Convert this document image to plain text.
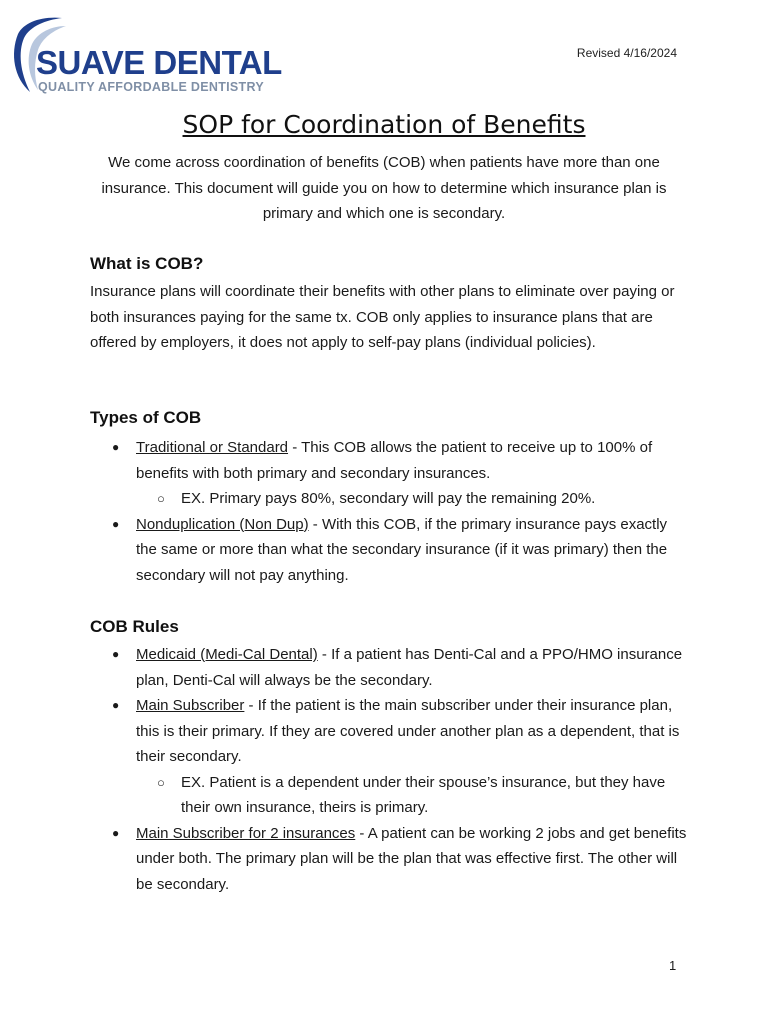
SUAVE DENTAL
QUALITY AFFORDABLE DENTISTRY
Revised 4/16/2024
SOP for Coordination of Benefits
We come across coordination of benefits (COB) when patients have more than one insurance. This document will guide you on how to determine which insurance plan is primary and which one is secondary.
What is COB?
Insurance plans will coordinate their benefits with other plans to eliminate over paying or both insurances paying for the same tx. COB only applies to insurance plans that are offered by employers, it does not apply to self-pay plans (individual policies).
Types of COB
● Traditional or Standard - This COB allows the patient to receive up to 100% of benefits with both primary and secondary insurances.
○ EX. Primary pays 80%, secondary will pay the remaining 20%.
● Nonduplication (Non Dup) - With this COB, if the primary insurance pays exactly the same or more than what the secondary insurance (if it was primary) then the secondary will not pay anything.
COB Rules
● Medicaid (Medi-Cal Dental) - If a patient has Denti-Cal and a PPO/HMO insurance plan, Denti-Cal will always be the secondary.
● Main Subscriber - If the patient is the main subscriber under their insurance plan, this is their primary. If they are covered under another plan as a dependent, that is their secondary.
○ EX. Patient is a dependent under their spouse’s insurance, but they have their own insurance, theirs is primary.
● Main Subscriber for 2 insurances - A patient can be working 2 jobs and get benefits under both. The primary plan will be the plan that was effective first. The other will be secondary.
1
